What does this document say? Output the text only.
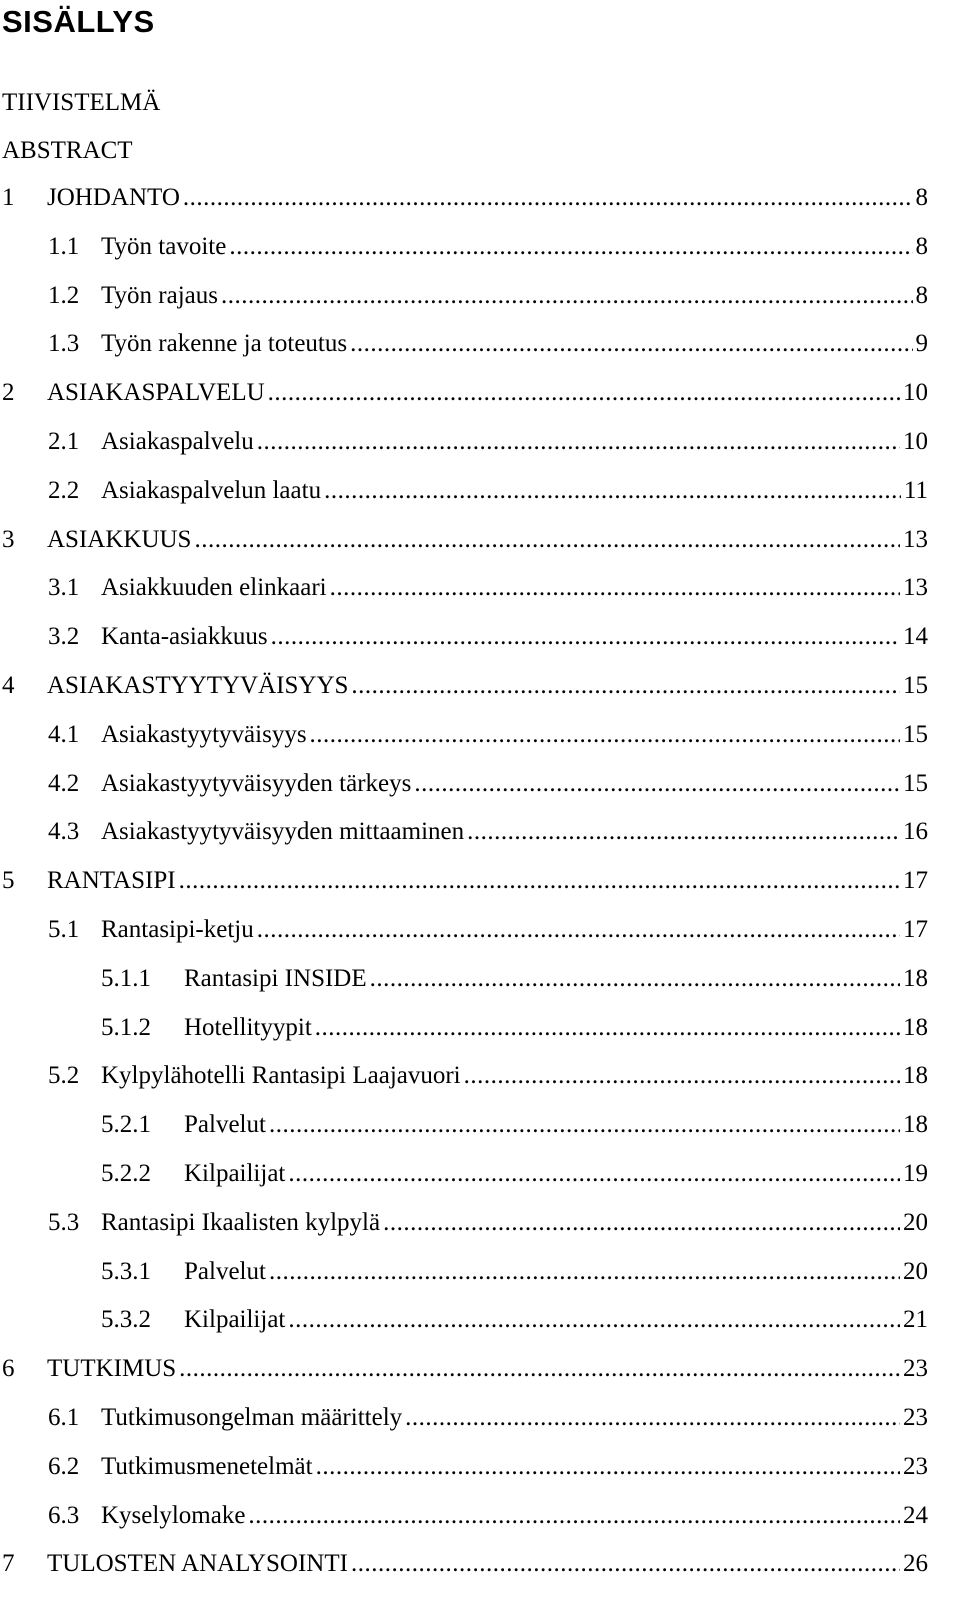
SISÄLLYS
TIIVISTELMÄ
ABSTRACT
1 JOHDANTO .....	8
1.1 Työn tavoite .....	8
1.2 Työn rajaus .....	8
1.3 Työn rakenne ja toteutus .....	9
2 ASIAKASPALVELU .....	10
2.1 Asiakaspalvelu .....	10
2.2 Asiakaspalvelun laatu .....	11
3 ASIAKKUUS .....	13
3.1 Asiakkuuden elinkaari .....	13
3.2 Kanta-asiakkuus .....	14
4 ASIAKASTYYTYVÄISYYS .....	15
4.1 Asiakastyytyväisyys .....	15
4.2 Asiakastyytyväisyyden tärkeys .....	15
4.3 Asiakastyytyväisyyden mittaaminen .....	16
5 RANTASIPI .....	17
5.1 Rantasipi-ketju .....	17
5.1.1 Rantasipi INSIDE .....	18
5.1.2 Hotellityypit .....	18
5.2 Kylpylähotelli Rantasipi Laajavuori .....	18
5.2.1 Palvelut .....	18
5.2.2 Kilpailijat .....	19
5.3 Rantasipi Ikaalisten kylpylä .....	20
5.3.1 Palvelut .....	20
5.3.2 Kilpailijat .....	21
6 TUTKIMUS .....	23
6.1 Tutkimusongelman määrittely .....	23
6.2 Tutkimusmenetelmät .....	23
6.3 Kyselylomake .....	24
7 TULOSTEN ANALYSOINTI .....	26
